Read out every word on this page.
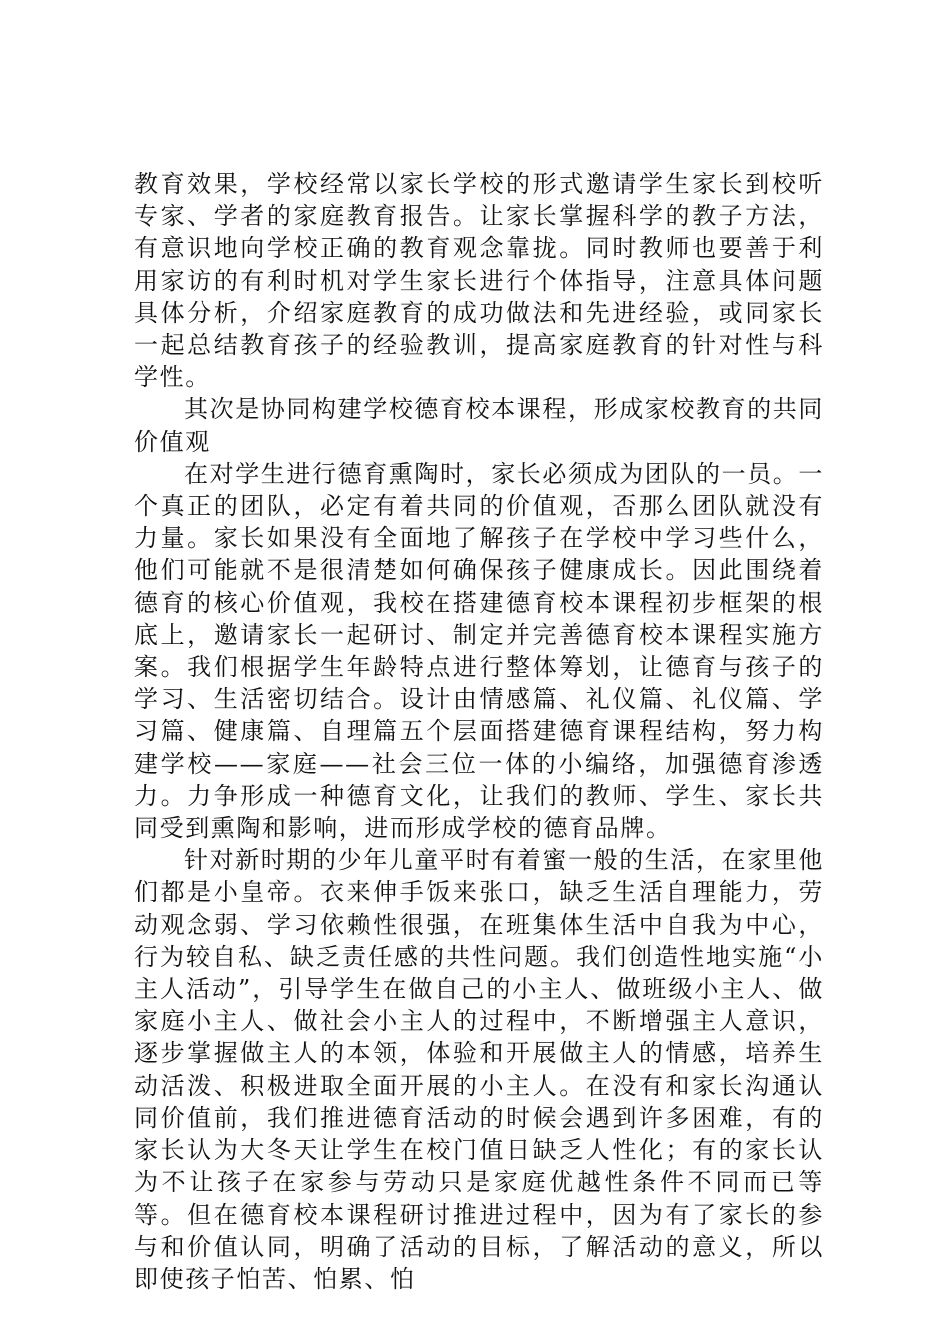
教育效果，学校经常以家长学校的形式邀请学生家长到校听专家、学者的家庭教育报告。让家长掌握科学的教子方法，有意识地向学校正确的教育观念靠拢。同时教师也要善于利用家访的有利时机对学生家长进行个体指导，注意具体问题具体分析，介绍家庭教育的成功做法和先进经验，或同家长一起总结教育孩子的经验教训，提高家庭教育的针对性与科学性。

其次是协同构建学校德育校本课程，形成家校教育的共同价值观

在对学生进行德育熏陶时，家长必须成为团队的一员。一个真正的团队，必定有着共同的价值观，否那么团队就没有力量。家长如果没有全面地了解孩子在学校中学习些什么，他们可能就不是很清楚如何确保孩子健康成长。因此围绕着德育的核心价值观，我校在搭建德育校本课程初步框架的根底上，邀请家长一起研讨、制定并完善德育校本课程实施方案。我们根据学生年龄特点进行整体筹划，让德育与孩子的学习、生活密切结合。设计由情感篇、礼仪篇、礼仪篇、学习篇、健康篇、自理篇五个层面搭建德育课程结构，努力构建学校——家庭——社会三位一体的小编络，加强德育渗透力。力争形成一种德育文化，让我们的教师、学生、家长共同受到熏陶和影响，进而形成学校的德育品牌。

针对新时期的少年儿童平时有着蜜一般的生活，在家里他们都是小皇帝。衣来伸手饭来张口，缺乏生活自理能力，劳动观念弱、学习依赖性很强，在班集体生活中自我为中心，行为较自私、缺乏责任感的共性问题。我们创造性地实施“小主人活动”，引导学生在做自己的小主人、做班级小主人、做家庭小主人、做社会小主人的过程中，不断增强主人意识，逐步掌握做主人的本领，体验和开展做主人的情感，培养生动活泼、积极进取全面开展的小主人。在没有和家长沟通认同价值前，我们推进德育活动的时候会遇到许多困难，有的家长认为大冬天让学生在校门值日缺乏人性化；有的家长认为不让孩子在家参与劳动只是家庭优越性条件不同而已等等。但在德育校本课程研讨推进过程中，因为有了家长的参与和价值认同，明确了活动的目标，了解活动的意义，所以即使孩子怕苦、怕累、怕
